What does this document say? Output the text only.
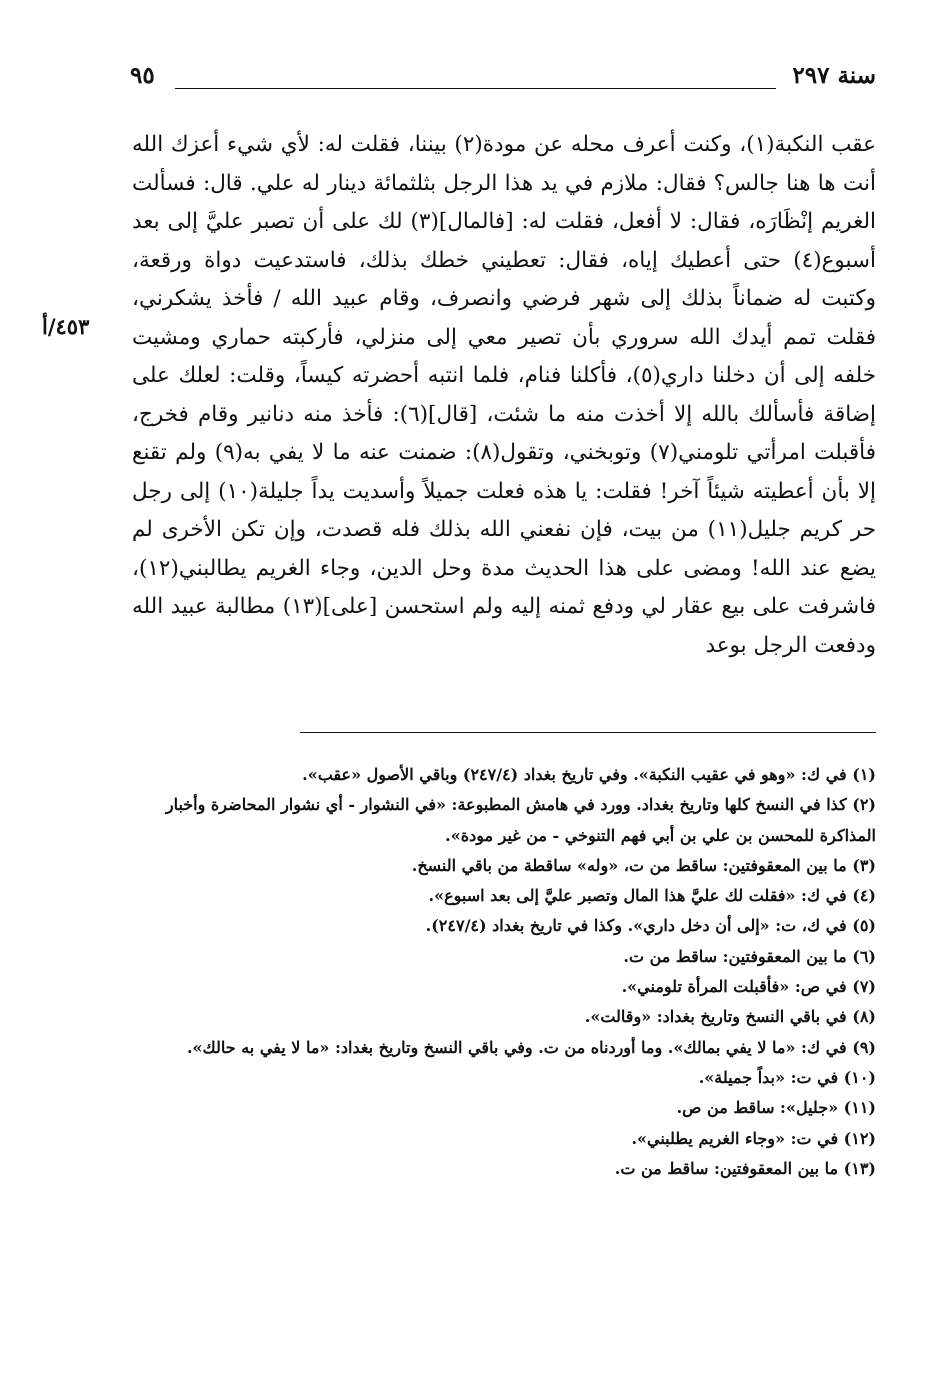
سنة ٢٩٧
٩٥

عقب النكبة(١)، وكنت أعرف محله عن مودة(٢) بيننا، فقلت له: لأي شيء أعزك الله أنت ها هنا جالس؟ فقال: ملازم في يد هذا الرجل بثلثمائة دينار له علي. قال: فسألت الغريم إنْظَارَه، فقال: لا أفعل، فقلت له: [فالمال](٣) لك على أن تصبر عليَّ إلى بعد أسبوع(٤) حتى أعطيك إياه، فقال: تعطيني خطك بذلك، فاستدعيت دواة ورقعة، وكتبت له ضماناً بذلك إلى شهر فرضي وانصرف، وقام عبيد الله / فأخذ يشكرني، فقلت تمم أيدك الله سروري بأن تصير معي إلى منزلي، فأركبته حماري ومشيت خلفه إلى أن دخلنا داري(٥)، فأكلنا فنام، فلما انتبه أحضرته كيساً، وقلت: لعلك على إضاقة فأسألك بالله إلا أخذت منه ما شئت، [قال](٦): فأخذ منه دنانير وقام فخرج، فأقبلت امرأتي تلومني(٧) وتوبخني، وتقول(٨): ضمنت عنه ما لا يفي به(٩) ولم تقنع إلا بأن أعطيته شيئاً آخر! فقلت: يا هذه فعلت جميلاً وأسديت يداً جليلة(١٠) إلى رجل حر كريم جليل(١١) من بيت، فإن نفعني الله بذلك فله قصدت، وإن تكن الأخرى لم يضع عند الله! ومضى على هذا الحديث مدة وحل الدين، وجاء الغريم يطالبني(١٢)، فاشرفت على بيع عقار لي ودفع ثمنه إليه ولم استحسن [على](١٣) مطالبة عبيد الله ودفعت الرجل بوعد

٤٥٣/أ

(١) في ك: «وهو في عقيب النكبة». وفي تاريخ بغداد (٢٤٧/٤) وباقي الأصول «عقب».

(٢) كذا في النسخ كلها وتاريخ بغداد. وورد في هامش المطبوعة: «في النشوار - أي نشوار المحاضرة وأخبار المذاكرة للمحسن بن علي بن أبي فهم التنوخي - من غير مودة».

(٣) ما بين المعقوفتين: ساقط من ت، «وله» ساقطة من باقي النسخ.

(٤) في ك: «فقلت لك عليَّ هذا المال وتصبر عليَّ إلى بعد اسبوع».

(٥) في ك، ت: «إلى أن دخل داري». وكذا في تاريخ بغداد (٢٤٧/٤).

(٦) ما بين المعقوفتين: ساقط من ت.

(٧) في ص: «فأقبلت المرأة تلومني».

(٨) في باقي النسخ وتاريخ بغداد: «وقالت».

(٩) في ك: «ما لا يفي بمالك». وما أوردناه من ت. وفي باقي النسخ وتاريخ بغداد: «ما لا يفي به حالك».

(١٠) في ت: «بداً جميلة».

(١١) «جليل»: ساقط من ص.

(١٢) في ت: «وجاء الغريم يطلبني».

(١٣) ما بين المعقوفتين: ساقط من ت.
